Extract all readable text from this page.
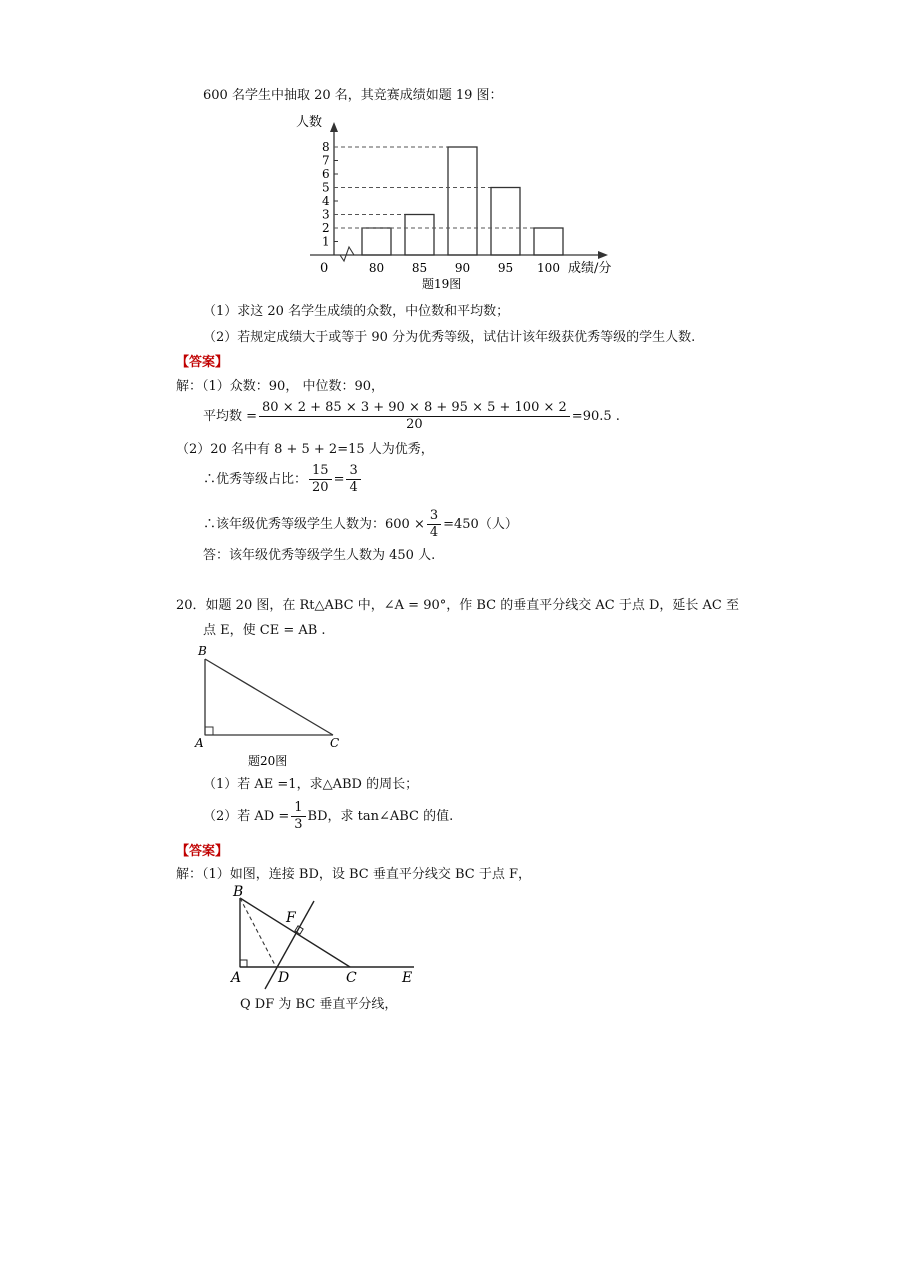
600 名学生中抽取 20 名，其竞赛成绩如题 19 图：
1
2
3
4
5
6
7
8
80 85 90 95 100
人数
成绩/分
0
题19图
（1）求这 20 名学生成绩的众数，中位数和平均数；
（2）若规定成绩大于或等于 90 分为优秀等级，试估计该年级获优秀等级的学生人数.
【答案】
解：（1）众数：90， 中位数：90，
平均数 = $\frac{80 \times 2 + 85 \times 3 + 90 \times 8 + 95 \times 5 + 100 \times 2}{20} =90.5$ .
（2）20 名中有 8 + 5 + 2=15 人为优秀，
∴优秀等级占比： $\frac{15}{20} = \frac{3}{4}$
∴该年级优秀等级学生人数为：$600 \times \frac{3}{4} =450$（人）
答：该年级优秀等级学生人数为 450 人.
20．如题 20 图，在 Rt△ABC 中，∠A = 90°，作 BC 的垂直平分线交 AC 于点 D，延长 AC 至
点 E，使 CE = AB .
B
A	C
题20图
（1）若 AE =1，求△ABD 的周长；
（2）若 AD = $\frac{1}{3}$ BD，求 tan∠ABC 的值.
【答案】
解：（1）如图，连接 BD，设 BC 垂直平分线交 BC 于点 F，
B
F
A	D	C	E
Q DF 为 BC 垂直平分线，
